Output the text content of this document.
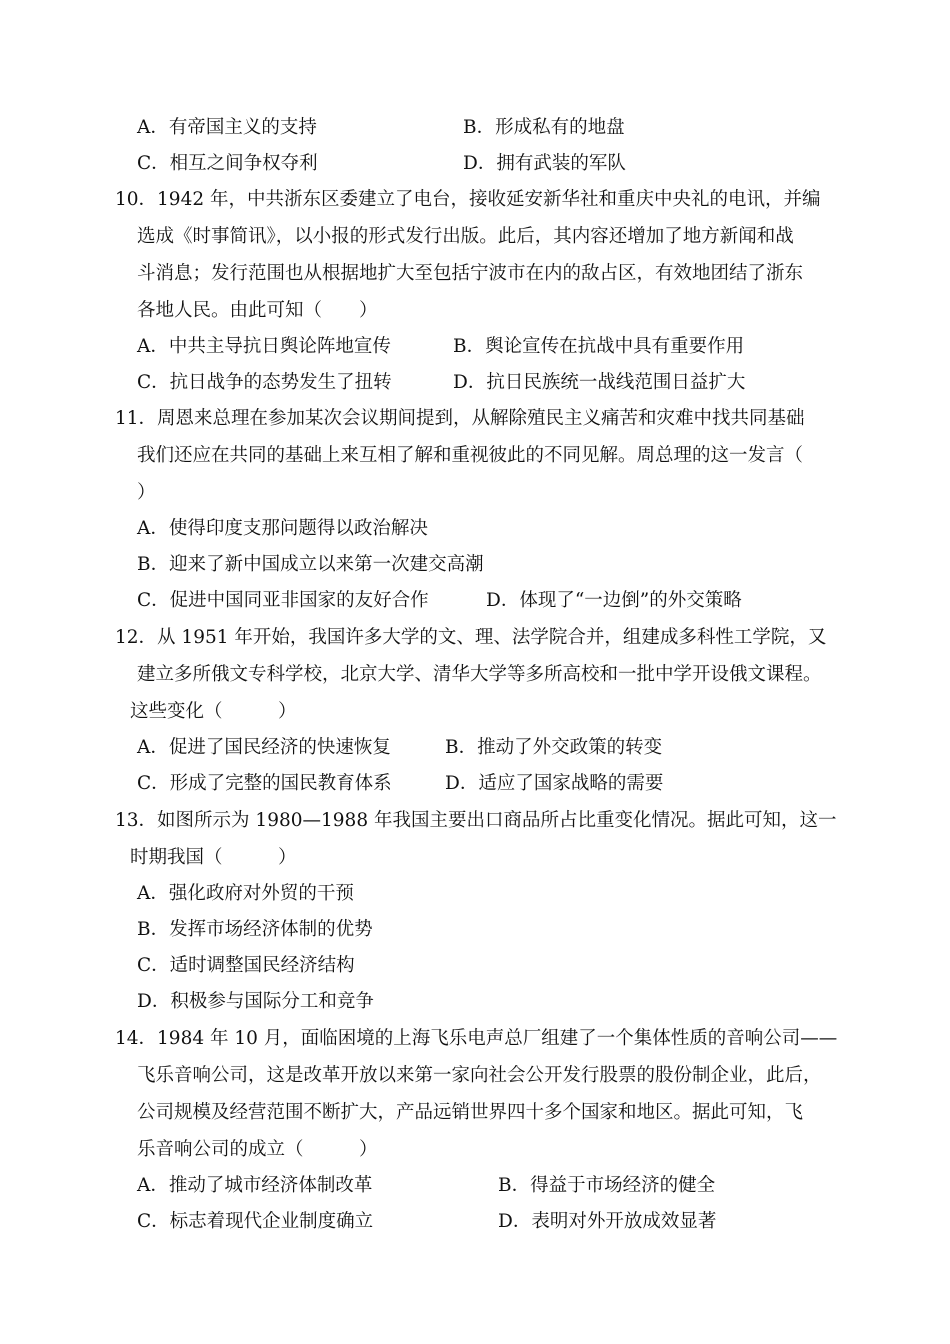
A．有帝国主义的支持	B．形成私有的地盘
C．相互之间争权夺利	D．拥有武装的军队
10．1942 年，中共浙东区委建立了电台，接收延安新华社和重庆中央礼的电讯，并编
选成《时事简讯》，以小报的形式发行出版。此后，其内容还增加了地方新闻和战
斗消息；发行范围也从根据地扩大至包括宁波市在内的敌占区，有效地团结了浙东
各地人民。由此可知（　　）
A．中共主导抗日舆论阵地宣传	B．舆论宣传在抗战中具有重要作用
C．抗日战争的态势发生了扭转	D．抗日民族统一战线范围日益扩大
11．周恩来总理在参加某次会议期间提到，从解除殖民主义痛苦和灾难中找共同基础
我们还应在共同的基础上来互相了解和重视彼此的不同见解。周总理的这一发言（
）
A．使得印度支那问题得以政治解决
B．迎来了新中国成立以来第一次建交高潮
C．促进中国同亚非国家的友好合作	D．体现了“一边倒”的外交策略
12．从 1951 年开始，我国许多大学的文、理、法学院合并，组建成多科性工学院，又
建立多所俄文专科学校，北京大学、清华大学等多所高校和一批中学开设俄文课程。
这些变化（　　　）
A．促进了国民经济的快速恢复	B．推动了外交政策的转变
C．形成了完整的国民教育体系	D．适应了国家战略的需要
13．如图所示为 1980—1988 年我国主要出口商品所占比重变化情况。据此可知，这一
时期我国（　　　）
A．强化政府对外贸的干预
B．发挥市场经济体制的优势
C．适时调整国民经济结构
D．积极参与国际分工和竞争
14．1984 年 10 月，面临困境的上海飞乐电声总厂组建了一个集体性质的音响公司——
飞乐音响公司，这是改革开放以来第一家向社会公开发行股票的股份制企业，此后，
公司规模及经营范围不断扩大，产品远销世界四十多个国家和地区。据此可知，飞
乐音响公司的成立（　　　）
A．推动了城市经济体制改革	B．得益于市场经济的健全
C．标志着现代企业制度确立	D．表明对外开放成效显著
